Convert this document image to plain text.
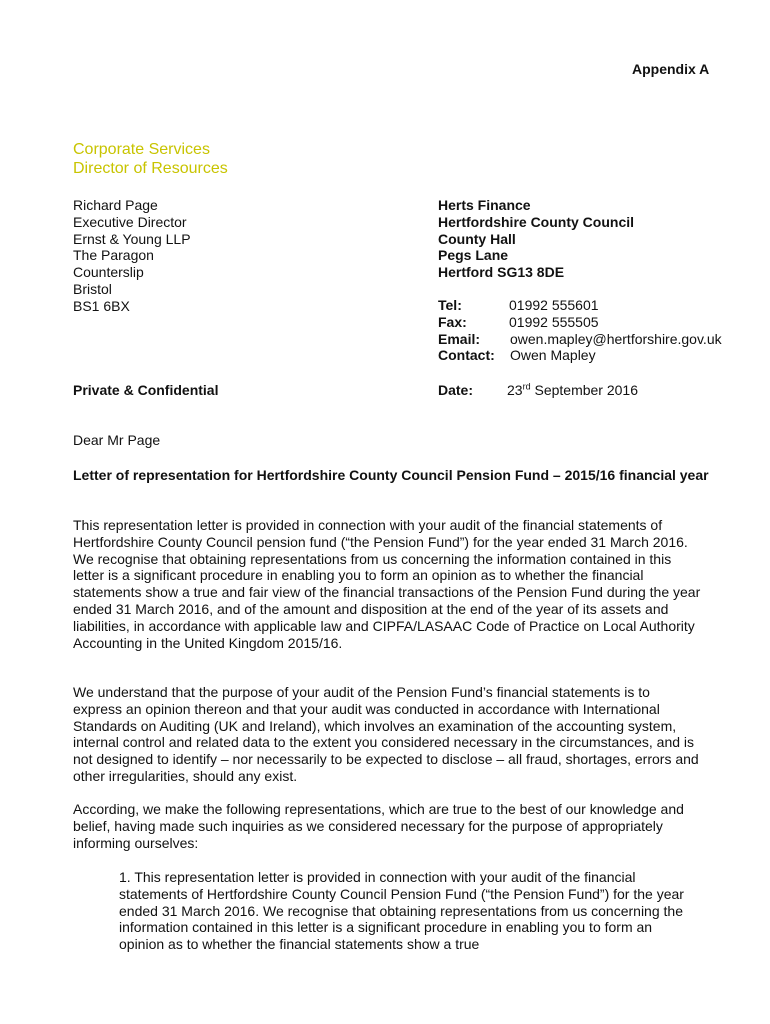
Appendix A
Corporate Services
Director of Resources
Richard Page
Executive Director
Ernst & Young LLP
The Paragon
Counterslip
Bristol
BS1 6BX
Herts Finance
Hertfordshire County Council
County Hall
Pegs Lane
Hertford SG13 8DE
Tel:	01992 555601
Fax:	01992 555505
Email:	owen.mapley@hertforshire.gov.uk
Contact:	Owen Mapley
Private & Confidential	Date:	23rd September 2016
Dear Mr Page
Letter of representation for Hertfordshire County Council Pension Fund – 2015/16 financial year
This representation letter is provided in connection with your audit of the financial statements of Hertfordshire County Council pension fund (“the Pension Fund”) for the year ended 31 March 2016. We recognise that obtaining representations from us concerning the information contained in this letter is a significant procedure in enabling you to form an opinion as to whether the financial statements show a true and fair view of the financial transactions of the Pension Fund during the year ended 31 March 2016, and of the amount and disposition at the end of the year of its assets and liabilities, in accordance with applicable law and CIPFA/LASAAC Code of Practice on Local Authority Accounting in the United Kingdom 2015/16.
We understand that the purpose of your audit of the Pension Fund’s financial statements is to express an opinion thereon and that your audit was conducted in accordance with International Standards on Auditing (UK and Ireland), which involves an examination of the accounting system, internal control and related data to the extent you considered necessary in the circumstances, and is not designed to identify – nor necessarily to be expected to disclose – all fraud, shortages, errors and other irregularities, should any exist.
According, we make the following representations, which are true to the best of our knowledge and belief, having made such inquiries as we considered necessary for the purpose of appropriately informing ourselves:
1. This representation letter is provided in connection with your audit of the financial statements of Hertfordshire County Council Pension Fund (“the Pension Fund”) for the year ended 31 March 2016. We recognise that obtaining representations from us concerning the information contained in this letter is a significant procedure in enabling you to form an opinion as to whether the financial statements show a true
